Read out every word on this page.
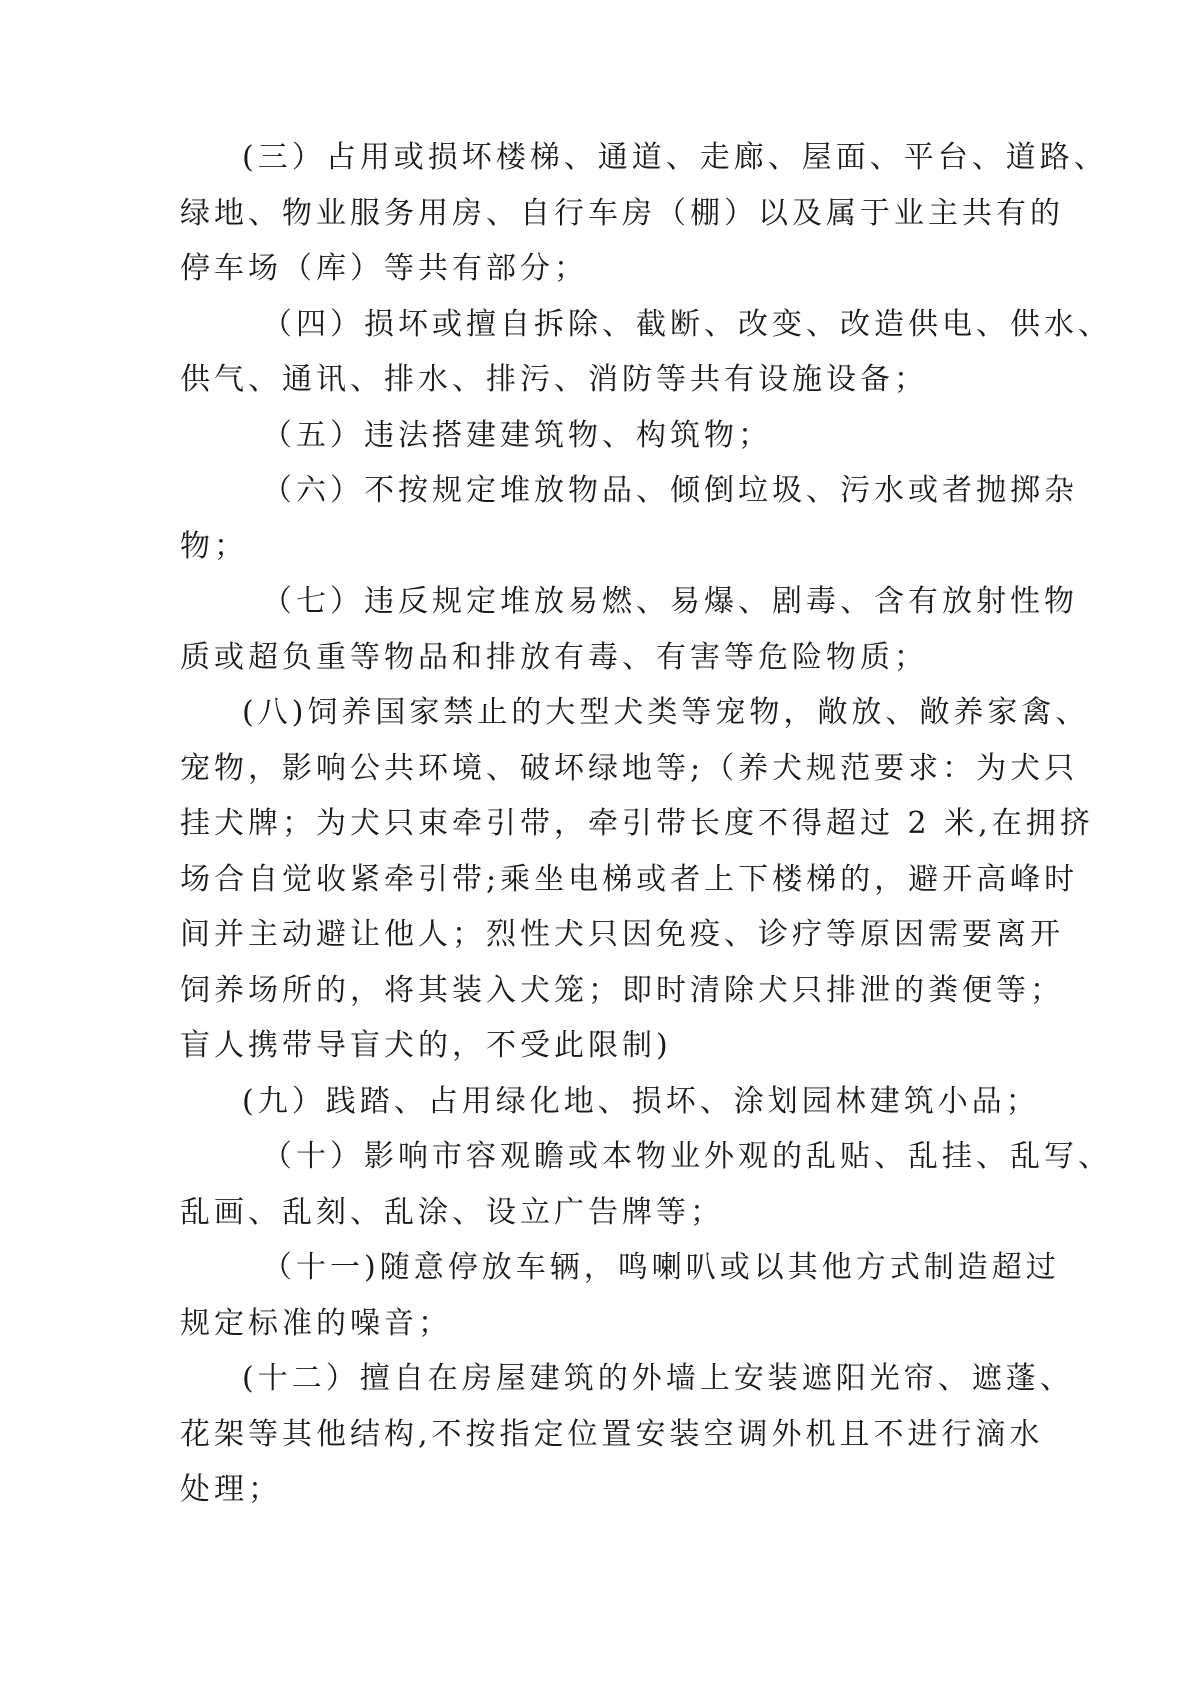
(三）占用或损坏楼梯、通道、走廊、屋面、平台、道路、
绿地、物业服务用房、自行车房（棚）以及属于业主共有的
停车场（库）等共有部分；
（四）损坏或擅自拆除、截断、改变、改造供电、供水、
供气、通讯、排水、排污、消防等共有设施设备；
（五）违法搭建建筑物、构筑物；
（六）不按规定堆放物品、倾倒垃圾、污水或者抛掷杂
物；
（七）违反规定堆放易燃、易爆、剧毒、含有放射性物
质或超负重等物品和排放有毒、有害等危险物质；
(八)饲养国家禁止的大型犬类等宠物，敞放、敞养家禽、
宠物，影响公共环境、破坏绿地等;（养犬规范要求：为犬只
挂犬牌；为犬只束牵引带，牵引带长度不得超过 2 米,在拥挤
场合自觉收紧牵引带;乘坐电梯或者上下楼梯的，避开高峰时
间并主动避让他人；烈性犬只因免疫、诊疗等原因需要离开
饲养场所的，将其装入犬笼；即时清除犬只排泄的粪便等；
盲人携带导盲犬的，不受此限制)
(九）践踏、占用绿化地、损坏、涂划园林建筑小品；
（十）影响市容观瞻或本物业外观的乱贴、乱挂、乱写、
乱画、乱刻、乱涂、设立广告牌等；
（十一)随意停放车辆，鸣喇叭或以其他方式制造超过
规定标准的噪音；
(十二）擅自在房屋建筑的外墙上安装遮阳光帘、遮蓬、
花架等其他结构,不按指定位置安装空调外机且不进行滴水
处理；
